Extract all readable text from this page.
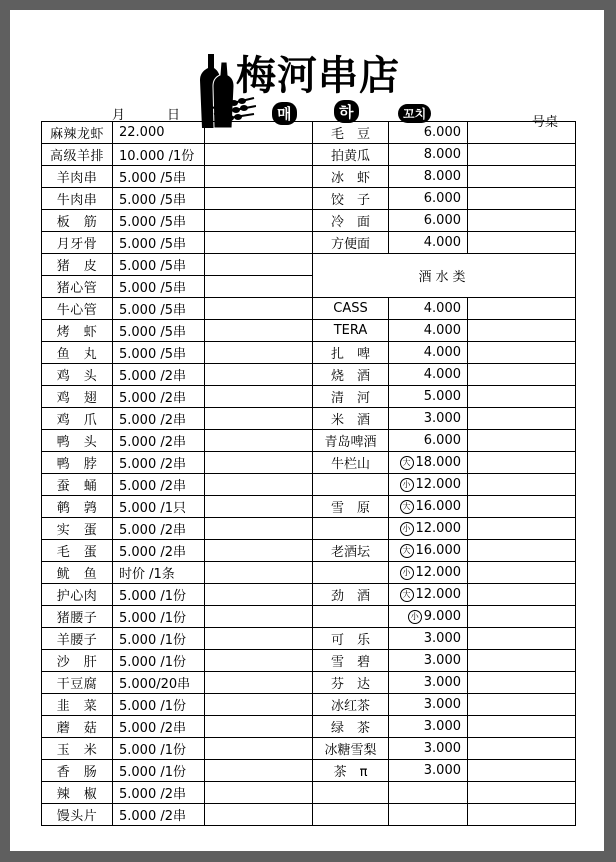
梅河串店
매	하	꼬치
月	日	号桌
麻辣龙虾	22.000		毛　豆	6.000	
高级羊排	10.000 /1份		拍黄瓜	8.000	
羊肉串	5.000 /5串		冰　虾	8.000	
牛肉串	5.000 /5串		饺　子	6.000	
板　筋	5.000 /5串		冷　面	6.000	
月牙骨	5.000 /5串		方便面	4.000	
猪　皮	5.000 /5串		酒水类		
猪心管	5.000 /5串				
牛心管	5.000 /5串		CASS	4.000	
烤　虾	5.000 /5串		TERA	4.000	
鱼　丸	5.000 /5串		扎　啤	4.000	
鸡　头	5.000 /2串		烧　酒	4.000	
鸡　翅	5.000 /2串		清　河	5.000	
鸡　爪	5.000 /2串		米　酒	3.000	
鸭　头	5.000 /2串		青岛啤酒	6.000	
鸭　脖	5.000 /2串		牛栏山	大 18.000	
蚕　蛹	5.000 /2串			小 12.000	
鹌　鹑	5.000 /1只		雪　原	大 16.000	
实　蛋	5.000 /2串			小 12.000	
毛　蛋	5.000 /2串		老酒坛	大 16.000	
鱿　鱼	时价 /1条			小 12.000	
护心肉	5.000 /1份		劲　酒	大 12.000	
猪腰子	5.000 /1份			小 9.000	
羊腰子	5.000 /1份		可　乐	3.000	
沙　肝	5.000 /1份		雪　碧	3.000	
干豆腐	5.000/20串		芬　达	3.000	
韭　菜	5.000 /1份		冰红茶	3.000	
蘑　菇	5.000 /2串		绿　茶	3.000	
玉　米	5.000 /1份		冰糖雪梨	3.000	
香　肠	5.000 /1份		茶　π	3.000	
辣　椒	5.000 /2串				
馒头片	5.000 /2串				
